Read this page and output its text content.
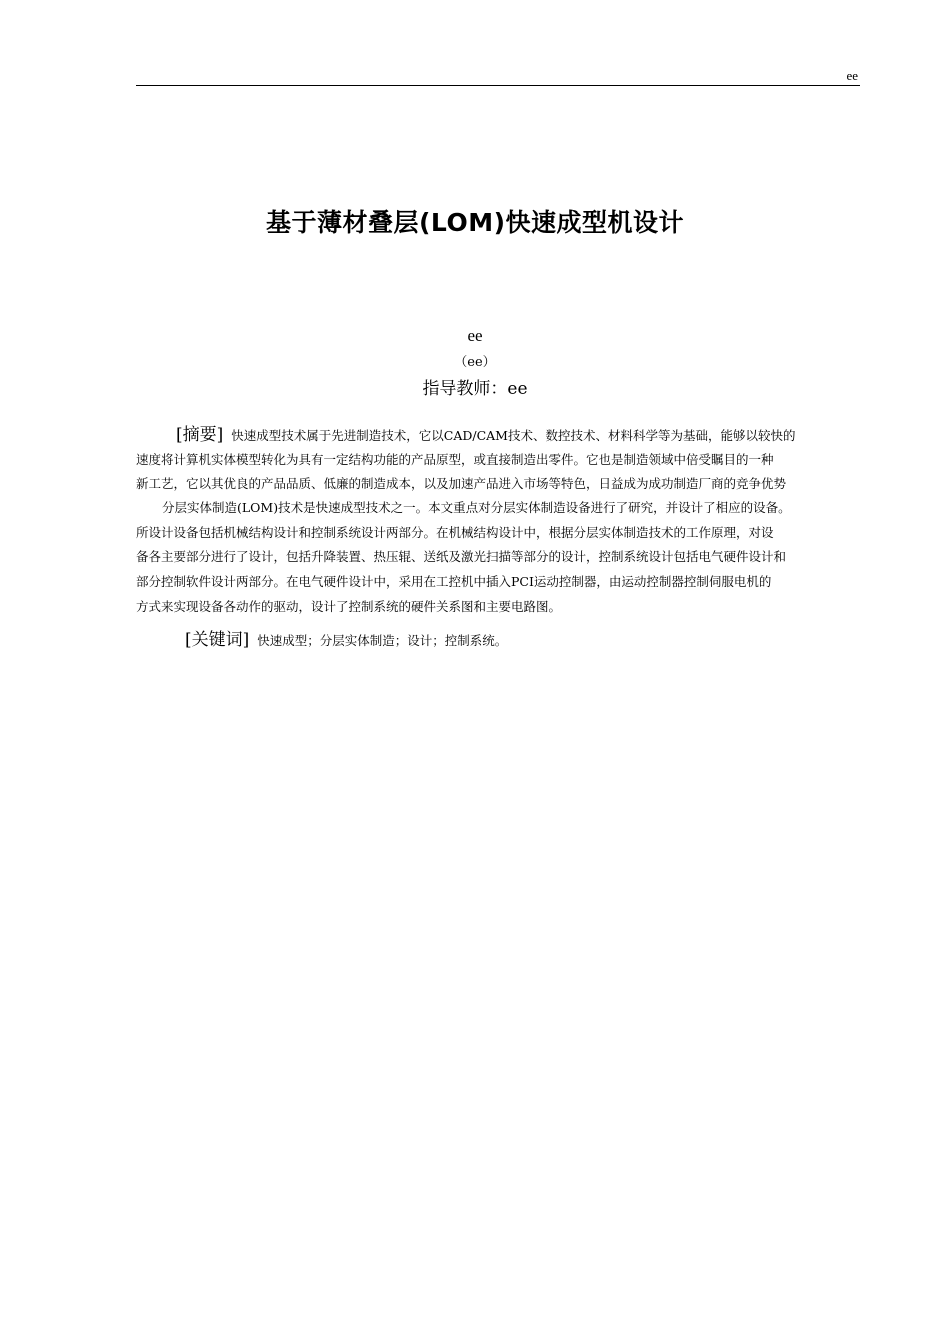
ee
基于薄材叠层(LOM)快速成型机设计
ee
（ee）
指导教师：ee
[摘要] 快速成型技术属于先进制造技术，它以CAD/CAM技术、数控技术、材料科学等为基础，能够以较快的
速度将计算机实体模型转化为具有一定结构功能的产品原型，或直接制造出零件。它也是制造领域中倍受瞩目的一种
新工艺，它以其优良的产品品质、低廉的制造成本，以及加速产品进入市场等特色，日益成为成功制造厂商的竞争优势
分层实体制造(LOM)技术是快速成型技术之一。本文重点对分层实体制造设备进行了研究，并设计了相应的设备。
所设计设备包括机械结构设计和控制系统设计两部分。在机械结构设计中，根据分层实体制造技术的工作原理，对设
备各主要部分进行了设计，包括升降装置、热压辊、送纸及激光扫描等部分的设计，控制系统设计包括电气硬件设计和
部分控制软件设计两部分。在电气硬件设计中，采用在工控机中插入PCI运动控制器，由运动控制器控制伺服电机的
方式来实现设备各动作的驱动，设计了控制系统的硬件关系图和主要电路图。
[关键词] 快速成型；分层实体制造；设计；控制系统。
